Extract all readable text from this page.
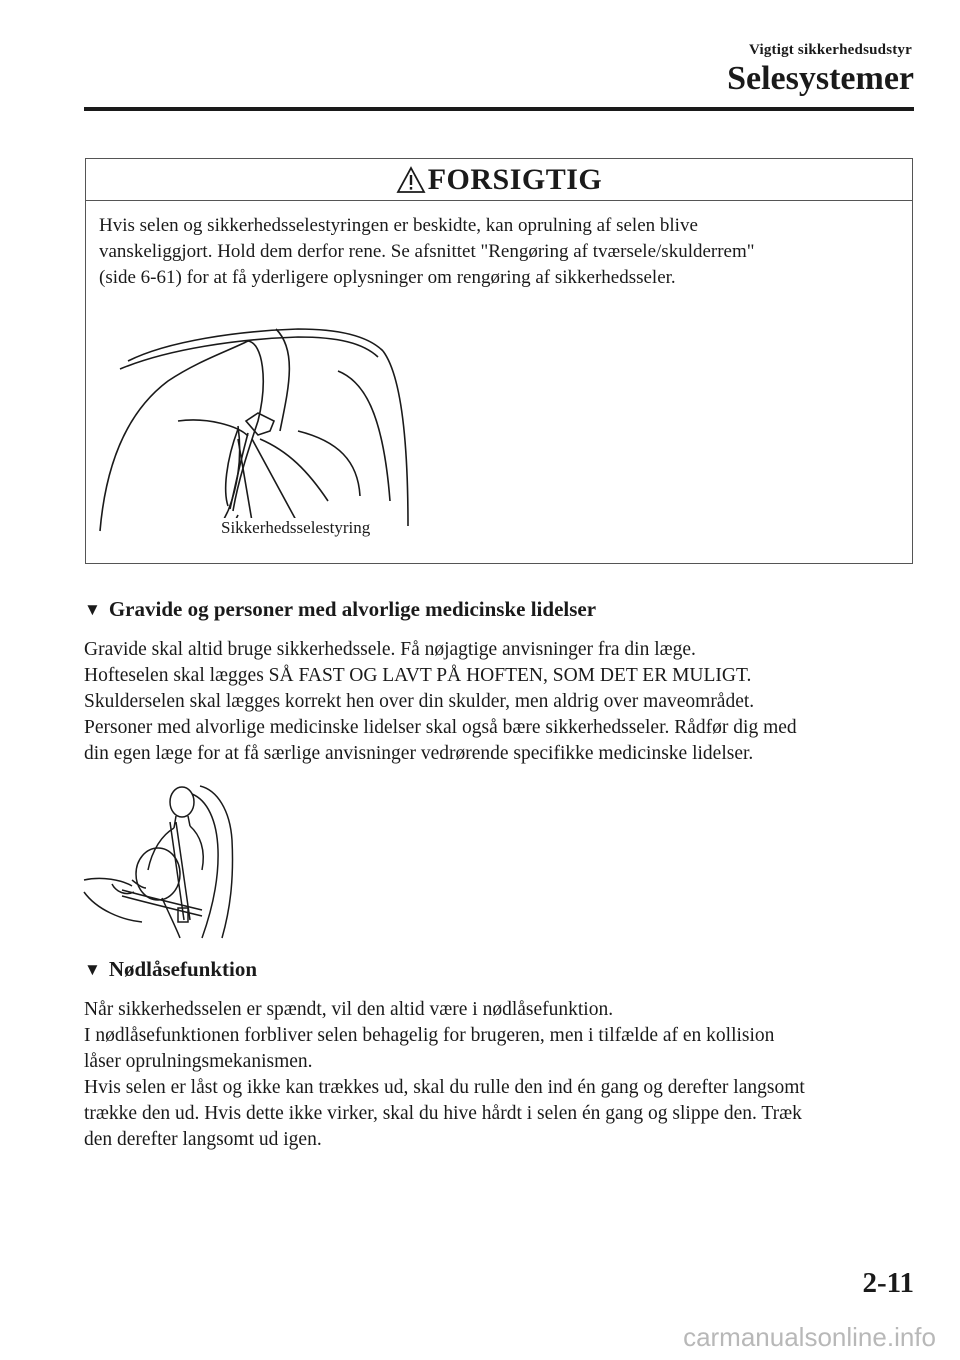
Vigtigt sikkerhedsudstyr
Selesystemer
FORSIGTIG
Hvis selen og sikkerhedsselestyringen er beskidte, kan oprulning af selen blive
vanskeliggjort. Hold dem derfor rene. Se afsnittet "Rengøring af tværsele/skulderrem"
(side 6-61) for at få yderligere oplysninger om rengøring af sikkerhedsseler.
Sikkerhedsselestyring
▼ Gravide og personer med alvorlige medicinske lidelser
Gravide skal altid bruge sikkerhedssele. Få nøjagtige anvisninger fra din læge.
Hofteselen skal lægges SÅ FAST OG LAVT PÅ HOFTEN, SOM DET ER MULIGT.
Skulderselen skal lægges korrekt hen over din skulder, men aldrig over maveområdet.
Personer med alvorlige medicinske lidelser skal også bære sikkerhedsseler. Rådfør dig med
din egen læge for at få særlige anvisninger vedrørende specifikke medicinske lidelser.
▼ Nødlåsefunktion
Når sikkerhedsselen er spændt, vil den altid være i nødlåsefunktion.
I nødlåsefunktionen forbliver selen behagelig for brugeren, men i tilfælde af en kollision
låser oprulningsmekanismen.
Hvis selen er låst og ikke kan trækkes ud, skal du rulle den ind én gang og derefter langsomt
trække den ud. Hvis dette ikke virker, skal du hive hårdt i selen én gang og slippe den. Træk
den derefter langsomt ud igen.
2-11
carmanualsonline.info
